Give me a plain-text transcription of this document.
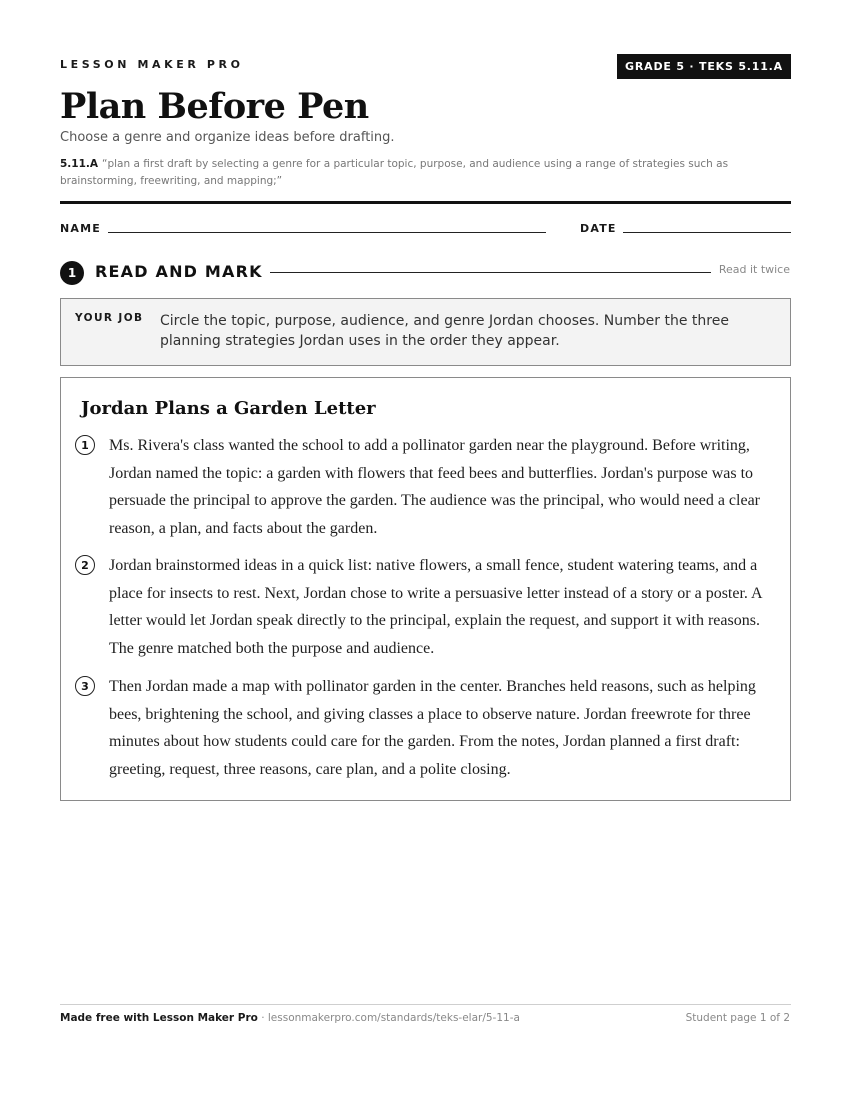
LESSON MAKER PRO	GRADE 5 · TEKS 5.11.A
Plan Before Pen
Choose a genre and organize ideas before drafting.
5.11.A “plan a first draft by selecting a genre for a particular topic, purpose, and audience using a range of strategies such as brainstorming, freewriting, and mapping;”
NAME	DATE
1	READ AND MARK	Read it twice
YOUR JOB Circle the topic, purpose, audience, and genre Jordan chooses. Number the three planning strategies Jordan uses in the order they appear.
Jordan Plans a Garden Letter
1	Ms. Rivera's class wanted the school to add a pollinator garden near the playground. Before writing, Jordan named the topic: a garden with flowers that feed bees and butterflies. Jordan's purpose was to persuade the principal to approve the garden. The audience was the principal, who would need a clear reason, a plan, and facts about the garden.
2	Jordan brainstormed ideas in a quick list: native flowers, a small fence, student watering teams, and a place for insects to rest. Next, Jordan chose to write a persuasive letter instead of a story or a poster. A letter would let Jordan speak directly to the principal, explain the request, and support it with reasons. The genre matched both the purpose and audience.
3	Then Jordan made a map with pollinator garden in the center. Branches held reasons, such as helping bees, brightening the school, and giving classes a place to observe nature. Jordan freewrote for three minutes about how students could care for the garden. From the notes, Jordan planned a first draft: greeting, request, three reasons, care plan, and a polite closing.
Made free with Lesson Maker Pro · lessonmakerpro.com/standards/teks-elar/5-11-a	Student page 1 of 2
